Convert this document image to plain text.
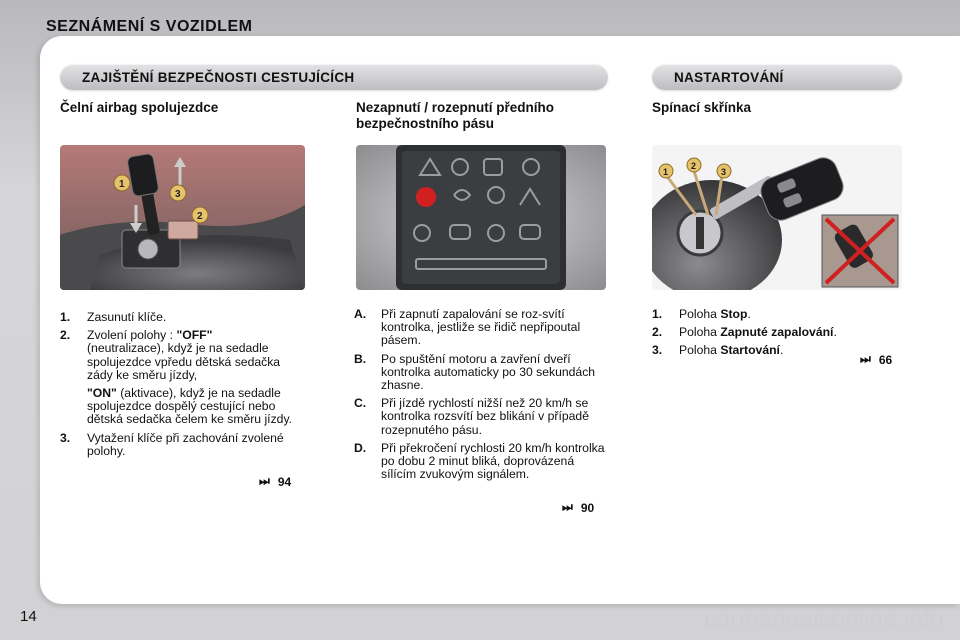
SEZNÁMENÍ S VOZIDLEM
ZAJIŠTĚNÍ BEZPEČNOSTI CESTUJÍCÍCH	NASTARTOVÁNÍ
Čelní airbag spolujezdce
1
2
3
1.	Zasunutí klíče.
2.	Zvolení polohy : "OFF"
(neutralizace), když je na sedadle spolujezdce vpředu dětská sedačka zády ke směru jízdy,
"ON" (aktivace), když je na sedadle spolujezdce dospělý cestující nebo dětská sedačka čelem ke směru jízdy.
3.	Vytažení klíče při zachování zvolené polohy.
⏭ 94
Nezapnutí / rozepnutí předního bezpečnostního pásu
A.	Při zapnutí zapalování se roz-svítí kontrolka, jestliže se řidič nepřipoutal pásem.
B.	Po spuštění motoru a zavření dveří kontrolka automaticky po 30 sekundách zhasne.
C.	Při jízdě rychlostí nižší než 20 km/h se kontrolka rozsvítí bez blikání v případě rozepnutého pásu.
D.	Při překročení rychlosti 20 km/h kontrolka po dobu 2 minut bliká, doprovázená sílícím zvukovým signálem.
⏭ 90
Spínací skřínka
1
2
3
1.	Poloha Stop.
2.	Poloha Zapnuté zapalování.
3.	Poloha Startování.
⏭ 66
14	carmanualsonline.info
